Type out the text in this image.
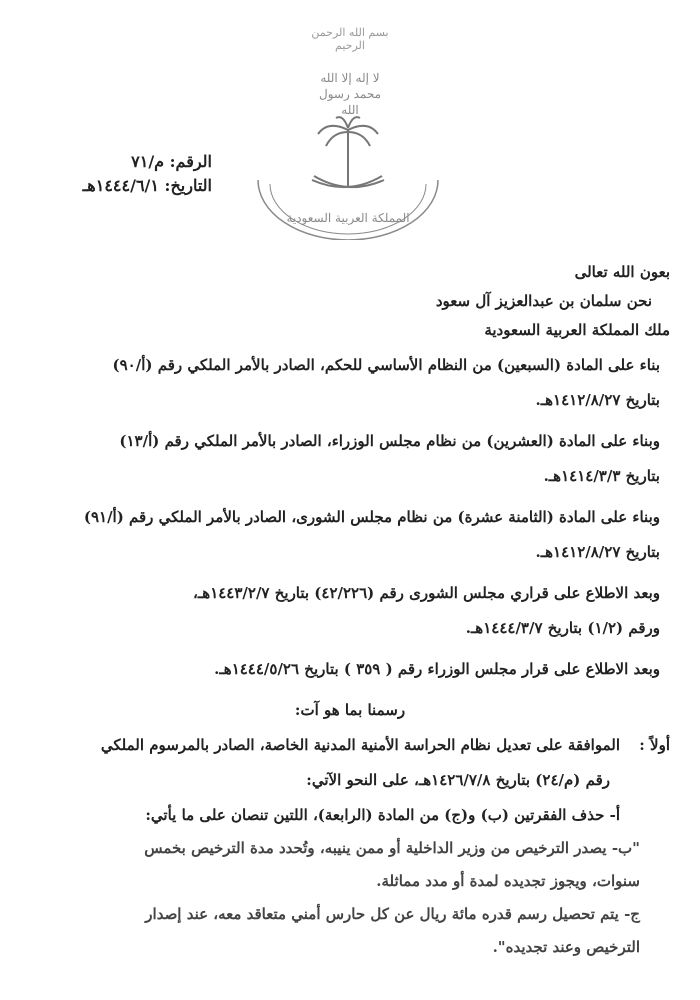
بسم الله الرحمن الرحيم
لا إله إلا الله محمد رسول الله
المملكة العربية السعودية
الرقم: م/٧١
التاريخ: ١٤٤٤/٦/١هـ
بعون الله تعالى
نحن سلمان بن عبدالعزيز آل سعود
ملك المملكة العربية السعودية
بناء على المادة (السبعين) من النظام الأساسي للحكم، الصادر بالأمر الملكي رقم (أ/٩٠)
بتاريخ ١٤١٢/٨/٢٧هـ.
وبناء على المادة (العشرين) من نظام مجلس الوزراء، الصادر بالأمر الملكي رقم (أ/١٣)
بتاريخ ١٤١٤/٣/٣هـ.
وبناء على المادة (الثامنة عشرة) من نظام مجلس الشورى، الصادر بالأمر الملكي رقم (أ/٩١)
بتاريخ ١٤١٢/٨/٢٧هـ.
وبعد الاطلاع على قراري مجلس الشورى رقم (٤٢/٢٢٦) بتاريخ ١٤٤٣/٢/٧هـ،
ورقم (١/٢) بتاريخ ١٤٤٤/٣/٧هـ.
وبعد الاطلاع على قرار مجلس الوزراء رقم ( ٣٥٩ ) بتاريخ ١٤٤٤/٥/٢٦هـ.
رسمنا بما هو آت:
أولاً :الموافقة على تعديل نظام الحراسة الأمنية المدنية الخاصة، الصادر بالمرسوم الملكي
رقم (م/٢٤) بتاريخ ١٤٢٦/٧/٨هـ، على النحو الآتي:
أ- حذف الفقرتين (ب) و(ج) من المادة (الرابعة)، اللتين تنصان على ما يأتي:
"ب- يصدر الترخيص من وزير الداخلية أو ممن ينيبه، وتُحدد مدة الترخيص بخمس
سنوات، ويجوز تجديده لمدة أو مدد مماثلة.
ج- يتم تحصيل رسم قدره مائة ريال عن كل حارس أمني متعاقد معه، عند إصدار
الترخيص وعند تجديده".
